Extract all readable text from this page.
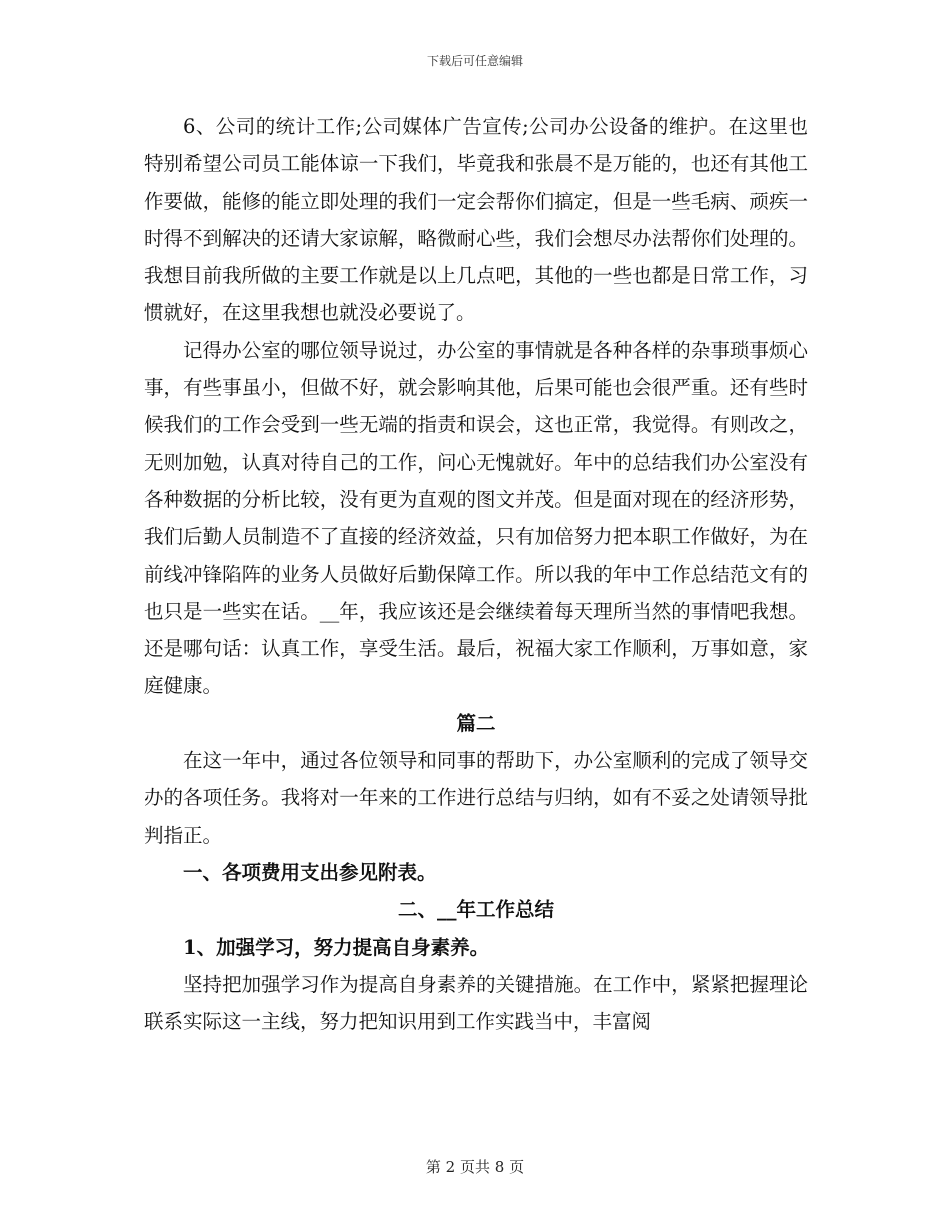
下载后可任意编辑

6、公司的统计工作;公司媒体广告宣传;公司办公设备的维护。在这里也特别希望公司员工能体谅一下我们，毕竟我和张晨不是万能的，也还有其他工作要做，能修的能立即处理的我们一定会帮你们搞定，但是一些毛病、顽疾一时得不到解决的还请大家谅解，略微耐心些，我们会想尽办法帮你们处理的。我想目前我所做的主要工作就是以上几点吧，其他的一些也都是日常工作，习惯就好，在这里我想也就没必要说了。

记得办公室的哪位领导说过，办公室的事情就是各种各样的杂事琐事烦心事，有些事虽小，但做不好，就会影响其他，后果可能也会很严重。还有些时候我们的工作会受到一些无端的指责和误会，这也正常，我觉得。有则改之，无则加勉，认真对待自己的工作，问心无愧就好。年中的总结我们办公室没有各种数据的分析比较，没有更为直观的图文并茂。但是面对现在的经济形势，我们后勤人员制造不了直接的经济效益，只有加倍努力把本职工作做好，为在前线冲锋陷阵的业务人员做好后勤保障工作。所以我的年中工作总结范文有的也只是一些实在话。__年，我应该还是会继续着每天理所当然的事情吧我想。还是哪句话：认真工作，享受生活。最后，祝福大家工作顺利，万事如意，家庭健康。

篇二

在这一年中，通过各位领导和同事的帮助下，办公室顺利的完成了领导交办的各项任务。我将对一年来的工作进行总结与归纳，如有不妥之处请领导批判指正。

一、各项费用支出参见附表。

二、__年工作总结

1、加强学习，努力提高自身素养。

坚持把加强学习作为提高自身素养的关键措施。在工作中，紧紧把握理论联系实际这一主线，努力把知识用到工作实践当中，丰富阅

第 2 页共 8 页
